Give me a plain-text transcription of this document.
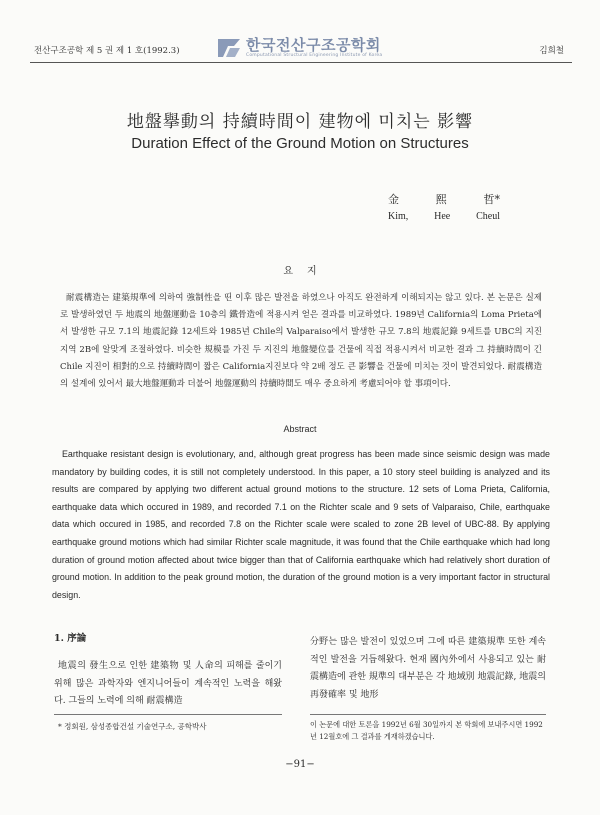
전산구조공학 제 5 권 제 1 호(1992.3)	한국전산구조공학회
Computational Structural Engineering Institute of Korea	김희철
地盤擧動의 持續時間이 建物에 미치는 影響
Duration Effect of the Ground Motion on Structures
金	熙	哲*
Kim,	Hee	Cheul
요지
耐震構造는 建築規準에 의하여 強制性을 띤 이후 많은 발전을 하였으나 아직도 완전하게 이해되지는 않고 있다. 본 논문은 실제로 발생하였던 두 地震의 地盤運動을 10층의 鐵骨造에 적용시켜 얻은 결과를 비교하였다. 1989년 California의 Loma Prieta에서 발생한 규모 7.1의 地震記錄 12세트와 1985년 Chile의 Valparaiso에서 발생한 규모 7.8의 地震記錄 9세트를 UBC의 지진지역 2B에 알맞게 조절하였다. 비슷한 規模를 가진 두 지진의 地盤變位를 건물에 직접 적용시켜서 비교한 결과 그 持續時間이 긴 Chile 지진이 相對的으로 持續時間이 짧은 California지진보다 약 2배 정도 큰 影響을 건물에 미치는 것이 발견되었다. 耐震構造의 설계에 있어서 最大地盤運動과 더불어 地盤運動의 持續時間도 매우 중요하게 考慮되어야 할 事項이다.
Abstract
Earthquake resistant design is evolutionary, and, although great progress has been made since seismic design was made mandatory by building codes, it is still not completely understood. In this paper, a 10 story steel building is analyzed and its results are compared by applying two different actual ground motions to the structure. 12 sets of Loma Prieta, California, earthquake data which occured in 1989, and recorded 7.1 on the Richter scale and 9 sets of Valparaiso, Chile, earthquake data which occured in 1985, and recorded 7.8 on the Richter scale were scaled to zone 2B level of UBC-88. By applying earthquake ground motions which had similar Richter scale magnitude, it was found that the Chile earthquake which had long duration of ground motion affected about twice bigger than that of California earthquake which had relatively short duration of ground motion. In addition to the peak ground motion, the duration of the ground motion is a very important factor in structural design.
1. 序論
地震의 發生으로 인한 建築物 및 人命의 피해를 줄이기 위해 많은 과학자와 엔지니어들이 계속적인 노력을 해왔다. 그들의 노력에 의해 耐震構造
分野는 많은 발전이 있었으며 그에 따른 建築規準 또한 계속적인 발전을 거듭해왔다. 현재 國內外에서 사용되고 있는 耐震構造에 관한 規準의 대부분은 각 地域別 地震記錄, 地震의 再發確率 및 地形
* 정회원, 삼성종합건설 기술연구소, 공학박사	이 논문에 대한 토론을 1992년 6월 30일까지 본 학회에 보내주시면 1992년 12월호에 그 결과를 게재하겠습니다.
−91−
